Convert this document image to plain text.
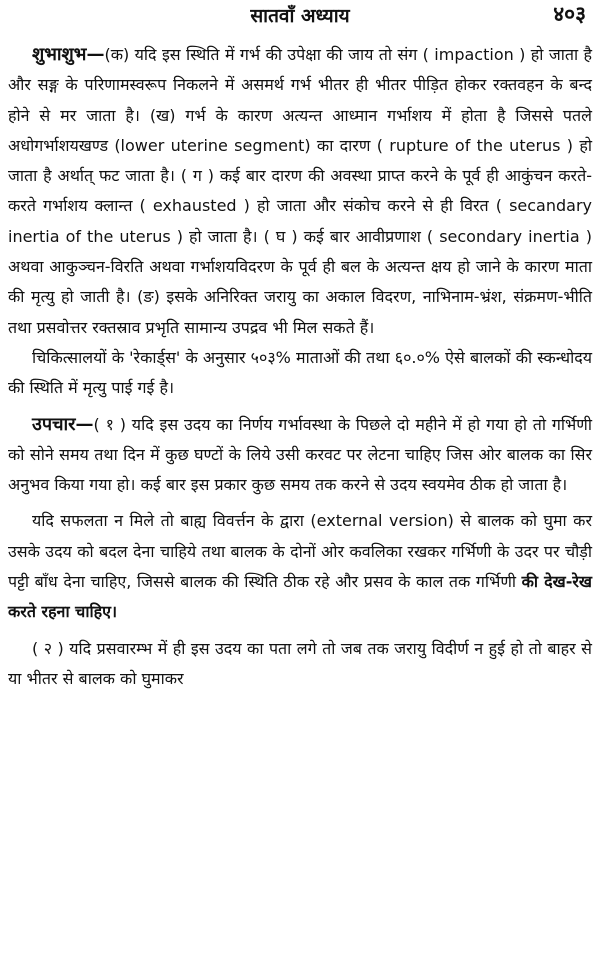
सातवाँ अध्याय	४०३

शुभाशुभ—(क) यदि इस स्थिति में गर्भ की उपेक्षा की जाय तो संग ( impaction ) हो जाता है और सङ्ग के परिणामस्वरूप निकलने में असमर्थ गर्भ भीतर ही भीतर पीड़ित होकर रक्तवहन के बन्द होने से मर जाता है। (ख) गर्भ के कारण अत्यन्त आध्मान गर्भाशय में होता है जिससे पतले अधोगर्भाशयखण्ड (lower uterine segment) का दारण ( rupture of the uterus ) हो जाता है अर्थात् फट जाता है। ( ग ) कई बार दारण की अवस्था प्राप्त करने के पूर्व ही आकुंचन करते-करते गर्भाशय क्लान्त ( exhausted ) हो जाता और संकोच करने से ही विरत ( secandary inertia of the uterus ) हो जाता है। ( घ ) कई बार आवीप्रणाश ( secondary inertia ) अथवा आकुञ्चन-विरति अथवा गर्भाशयविदरण के पूर्व ही बल के अत्यन्त क्षय हो जाने के कारण माता की मृत्यु हो जाती है। (ङ) इसके अनिरिक्त जरायु का अकाल विदरण, नाभिनाम-भ्रंश, संक्रमण-भीति तथा प्रसवोत्तर रक्तस्राव प्रभृति सामान्य उपद्रव भी मिल सकते हैं।

चिकित्सालयों के 'रेकार्ड्स' के अनुसार ५०३% माताओं की तथा ६०.०% ऐसे बालकों की स्कन्धोदय की स्थिति में मृत्यु पाई गई है।

उपचार—( १ ) यदि इस उदय का निर्णय गर्भावस्था के पिछले दो महीने में हो गया हो तो गर्भिणी को सोने समय तथा दिन में कुछ घण्टों के लिये उसी करवट पर लेटना चाहिए जिस ओर बालक का सिर अनुभव किया गया हो। कई बार इस प्रकार कुछ समय तक करने से उदय स्वयमेव ठीक हो जाता है।

यदि सफलता न मिले तो बाह्य विवर्त्तन के द्वारा (external version) से बालक को घुमा कर उसके उदय को बदल देना चाहिये तथा बालक के दोनों ओर कवलिका रखकर गर्भिणी के उदर पर चौड़ी पट्टी बाँध देना चाहिए, जिससे बालक की स्थिति ठीक रहे और प्रसव के काल तक गर्भिणी की देख-रेख करते रहना चाहिए।

( २ ) यदि प्रसवारम्भ में ही इस उदय का पता लगे तो जब तक जरायु विदीर्ण न हुई हो तो बाहर से या भीतर से बालक को घुमाकर
